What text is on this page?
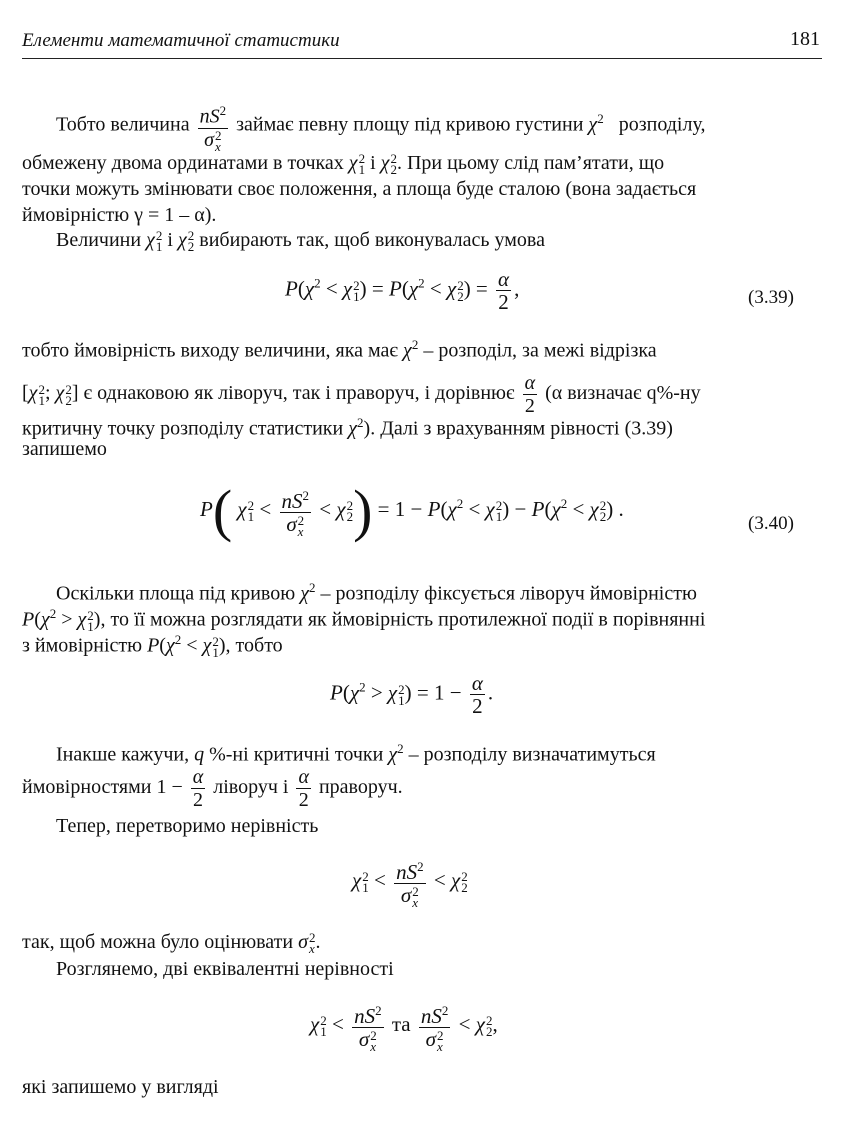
Елементи математичної статистики	181
Тобто величина $nS^2$
σ 2
x займає певну площу під кривою густини $\chi^2$ розподілу,
обмежену двома ординатами в точках χ 2
1 i χ 2
2 . При цьому слід пам’ятати, що
точки можуть змінювати своє положення, а площа буде сталою (вона задається
ймовірністю γ = 1 – α).
Величини χ 2
1 i χ 2
2 вибирають так, щоб виконувалась умова
$P(\chi^2 < \chi$ 2
1 ) = $P(\chi^2 < \chi$ 2
2 ) = $\frac{\alpha}{2}$ ,	(3.39)
тобто ймовірність виходу величини, яка має $\chi^2$ – розподіл, за межі відрізка
[χ 2
1 ; χ 2
2 ] є однаковою як ліворуч, так і праворуч, і дорівнює $\frac{\alpha}{2} (\alpha$ визначає q%-ну
критичну точку розподілу статистики $\chi^2$). Далі з врахуванням рівності (3.39)
запишемо
P( χ 2
$1 < nS^2$
σ 2
x < χ 2
2 ) = $1 - P(\chi^2 < \chi$ 2
1 ) − $P(\chi^2 < \chi$ 2
2 ) .
(3.40)
Оскільки площа під кривою $\chi^2$ – розподілу фіксується ліворуч ймовірністю
$P(\chi^2 > \chi$ 2
1 ), то її можна розглядати як ймовірність протилежної події в порівнянні
з ймовірністю $P(\chi^2 < \chi$ 2
1 ), тобто
$P(\chi^2 > \chi$ 2
1 ) = $1 - \frac{\alpha}{2}$ .
Інакше кажучи, q %-ні критичні точки $\chi^2$ – розподілу визначатимуться
ймовірностями $1 - \frac{\alpha}{2}$ ліворуч і $\frac{\alpha}{2}$ праворуч.
Тепер, перетворимо нерівність
χ 2
$1 < nS^2$
σ 2
x < χ 2
2
так, щоб можна було оцінювати σ 2
x .
Розглянемо, дві еквівалентні нерівності
χ 2
$1 < nS^2$
σ 2
x та $nS^2$
σ 2
x < χ 2
2 ,
які запишемо у вигляді
